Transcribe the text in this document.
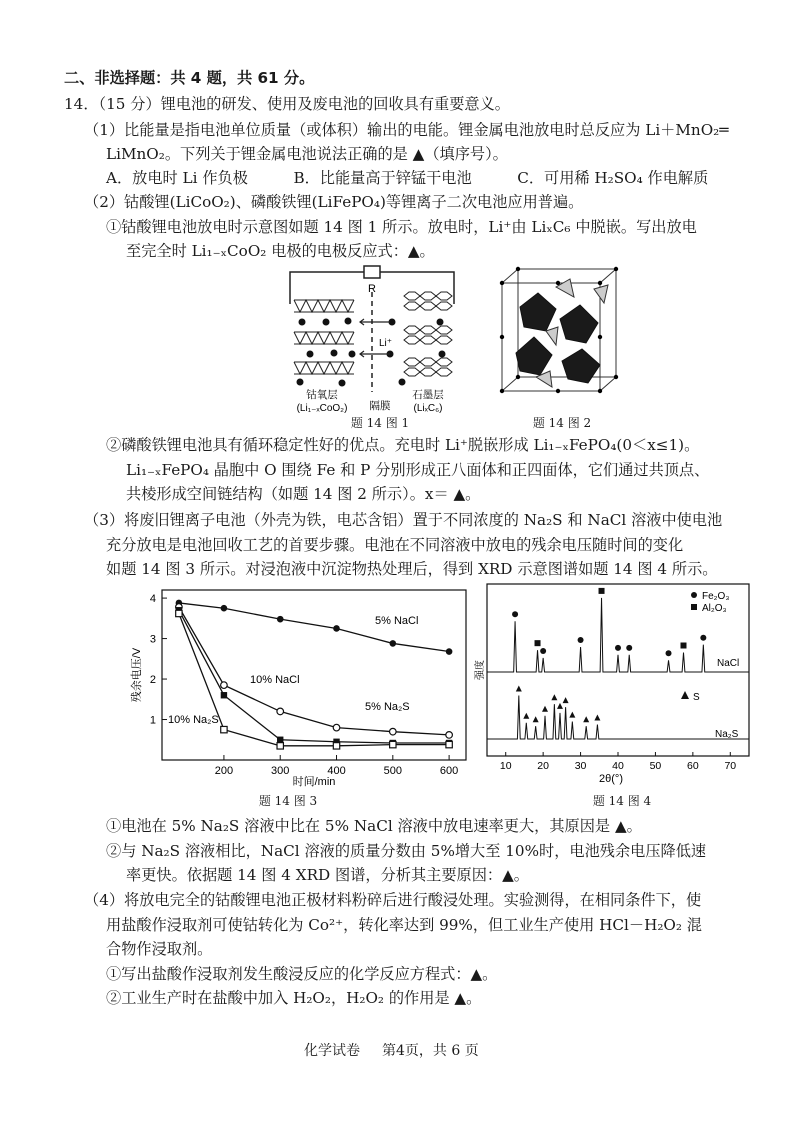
二、非选择题：共 4 题，共 61 分。
14．（15 分）锂电池的研发、使用及废电池的回收具有重要意义。
（1）比能量是指电池单位质量（或体积）输出的电能。锂金属电池放电时总反应为 Li＋MnO₂═
LiMnO₂。下列关于锂金属电池说法正确的是 ▲（填序号）。
A．放电时 Li 作负极　　　B．比能量高于锌锰干电池　　　C．可用稀 H₂SO₄ 作电解质
（2）钴酸锂(LiCoO₂)、磷酸铁锂(LiFePO₄)等锂离子二次电池应用普遍。
①钴酸锂电池放电时示意图如题 14 图 1 所示。放电时，Li⁺由 LiₓC₆ 中脱嵌。写出放电
至完全时 Li₁₋ₓCoO₂ 电极的电极反应式：▲。
R
Li⁺
钴氧层
(Li₁₋ₓCoO₂) 隔膜
石墨层
(LiₓC₆)
题 14 图 1	题 14 图 2
②磷酸铁锂电池具有循环稳定性好的优点。充电时 Li⁺脱嵌形成 Li₁₋ₓFePO₄(0＜x≤1)。
Li₁₋ₓFePO₄ 晶胞中 O 围绕 Fe 和 P 分别形成正八面体和正四面体，它们通过共顶点、
共棱形成空间链结构（如题 14 图 2 所示）。x＝ ▲。
（3）将废旧锂离子电池（外壳为铁，电芯含铝）置于不同浓度的 Na₂S 和 NaCl 溶液中使电池
充分放电是电池回收工艺的首要步骤。电池在不同溶液中放电的残余电压随时间的变化
如题 14 图 3 所示。对浸泡液中沉淀物热处理后，得到 XRD 示意图谱如题 14 图 4 所示。
200	300	400	500	600
1
2
3
4
时间/min
残余电压/V
5% NaCl
10% NaCl
5% Na₂S
10% Na₂S
题 14 图 3
10 20 30 40 50 60 70
强度
2θ(°)
Fe₂O₃
Al₂O₃
S
NaCl
Na₂S
题 14 图 4
①电池在 5% Na₂S 溶液中比在 5% NaCl 溶液中放电速率更大，其原因是 ▲。
②与 Na₂S 溶液相比，NaCl 溶液的质量分数由 5%增大至 10%时，电池残余电压降低速
率更快。依据题 14 图 4 XRD 图谱，分析其主要原因：▲。
（4）将放电完全的钴酸锂电池正极材料粉碎后进行酸浸处理。实验测得，在相同条件下，使
用盐酸作浸取剂可使钴转化为 Co²⁺，转化率达到 99%，但工业生产使用 HCl－H₂O₂ 混
合物作浸取剂。
①写出盐酸作浸取剂发生酸浸反应的化学反应方程式：▲。
②工业生产时在盐酸中加入 H₂O₂，H₂O₂ 的作用是 ▲。
化学试卷 第4页，共 6 页
